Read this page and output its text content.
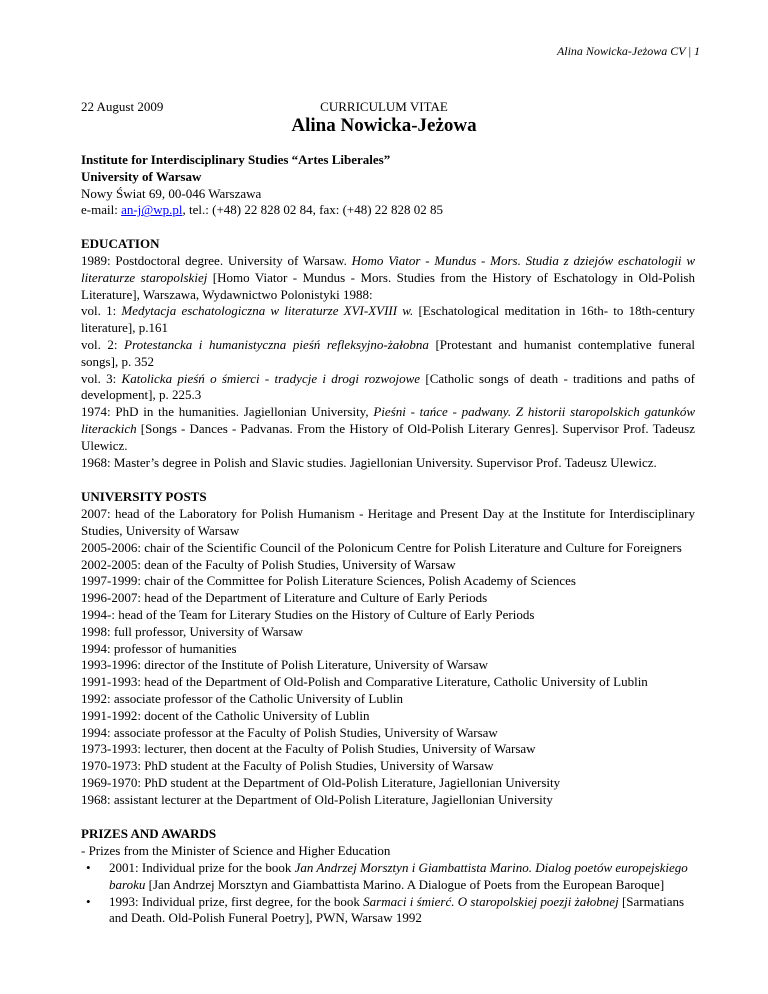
Alina Nowicka-Jeżowa CV | 1
22 August 2009	CURRICULUM VITAE
Alina Nowicka-Jeżowa

Institute for Interdisciplinary Studies “Artes Liberales”

University of Warsaw

Nowy Świat 69, 00-046 Warszawa

e-mail: an-j@wp.pl, tel.: (+48) 22 828 02 84, fax: (+48) 22 828 02 85

EDUCATION

1989: Postdoctoral degree. University of Warsaw. Homo Viator - Mundus - Mors. Studia z dziejów eschatologii w literaturze staropolskiej [Homo Viator - Mundus - Mors. Studies from the History of Eschatology in Old-Polish Literature], Warszawa, Wydawnictwo Polonistyki 1988:

vol. 1: Medytacja eschatologiczna w literaturze XVI-XVIII w. [Eschatological meditation in 16th- to 18th-century literature], p.161

vol. 2: Protestancka i humanistyczna pieśń refleksyjno-żałobna [Protestant and humanist contemplative funeral songs], p. 352

vol. 3: Katolicka pieśń o śmierci - tradycje i drogi rozwojowe [Catholic songs of death - traditions and paths of development], p. 225.3

1974: PhD in the humanities. Jagiellonian University, Pieśni - tańce - padwany. Z historii staropolskich gatunków literackich [Songs - Dances - Padvanas. From the History of Old-Polish Literary Genres]. Supervisor Prof. Tadeusz Ulewicz.

1968: Master’s degree in Polish and Slavic studies. Jagiellonian University. Supervisor Prof. Tadeusz Ulewicz.

UNIVERSITY POSTS

2007: head of the Laboratory for Polish Humanism - Heritage and Present Day at the Institute for Interdisciplinary Studies, University of Warsaw

2005-2006: chair of the Scientific Council of the Polonicum Centre for Polish Literature and Culture for Foreigners

2002-2005: dean of the Faculty of Polish Studies, University of Warsaw

1997-1999: chair of the Committee for Polish Literature Sciences, Polish Academy of Sciences

1996-2007: head of the Department of Literature and Culture of Early Periods

1994-: head of the Team for Literary Studies on the History of Culture of Early Periods

1998: full professor, University of Warsaw

1994: professor of humanities

1993-1996: director of the Institute of Polish Literature, University of Warsaw

1991-1993: head of the Department of Old-Polish and Comparative Literature, Catholic University of Lublin

1992: associate professor of the Catholic University of Lublin

1991-1992: docent of the Catholic University of Lublin

1994: associate professor at the Faculty of Polish Studies, University of Warsaw

1973-1993: lecturer, then docent at the Faculty of Polish Studies, University of Warsaw

1970-1973: PhD student at the Faculty of Polish Studies, University of Warsaw

1969-1970: PhD student at the Department of Old-Polish Literature, Jagiellonian University

1968: assistant lecturer at the Department of Old-Polish Literature, Jagiellonian University

PRIZES AND AWARDS

- Prizes from the Minister of Science and Higher Education

• 2001: Individual prize for the book Jan Andrzej Morsztyn i Giambattista Marino. Dialog poetów europejskiego baroku [Jan Andrzej Morsztyn and Giambattista Marino. A Dialogue of Poets from the European Baroque]
• 1993: Individual prize, first degree, for the book Sarmaci i śmierć. O staropolskiej poezji żałobnej [Sarmatians and Death. Old-Polish Funeral Poetry], PWN, Warsaw 1992
